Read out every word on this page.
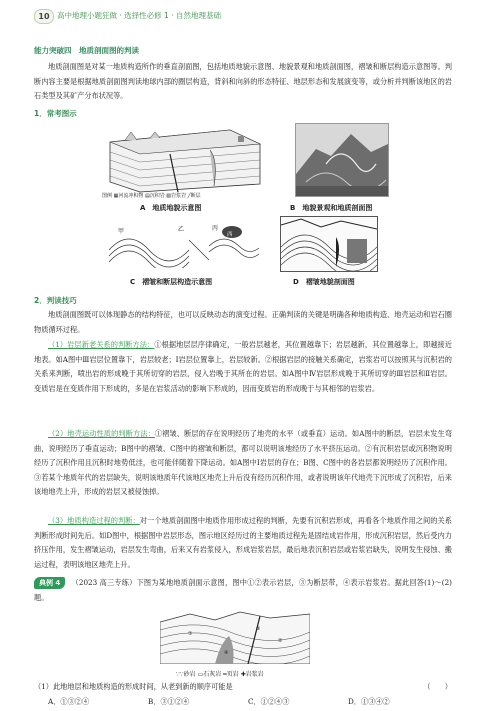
10 高中地理小题狂做 · 选择性必修 1 · 自然地理基础
能力突破四　地质剖面图的判读

地质剖面图是对某一地质构造所作的垂直剖面图，包括地质地貌示意图、地貌景观和地质剖面图，褶皱和断层构造示意图等。判断内容主要是根据地质剖面图判读地球内部的圈层构造，背斜和向斜的形态特征、地层形态和发展演变等，或分析并判断该地区的岩石类型及其矿产分布状况等。

1．常考图示
图例 ▦河流冲积物 ▤沉积岩 ▧岩浆岩 ╱断层
A　地质地貌示意图	B　地貌景观和地质剖面图
甲	乙	丙
西
C　褶皱和断层构造示意图	D　褶皱地貌剖面图
2．判读技巧

地质剖面图既可以体现静态的结构特征，也可以反映动态的演变过程。正确判读的关键是明确各种地质构造、地壳运动和岩石圈物质循环过程。

（1）岩层新老关系的判断方法：①根据地层层序律确定，一般岩层越老，其位置越靠下；岩层越新，其位置越靠上，即越接近地表。如A图中Ⅲ岩层位置靠下，岩层较老；Ⅰ岩层位置靠上，岩层较新。②根据岩层的接触关系确定，岩浆岩可以按照其与沉积岩的关系来判断，喷出岩的形成晚于其所切穿的岩层，侵入岩晚于其所在的岩层。如A图中Ⅳ岩层形成晚于其所切穿的Ⅲ岩层和Ⅱ岩层。变质岩是在变质作用下形成的，多是在岩浆活动的影响下形成的，因而变质岩的形成晚于与其相邻的岩浆岩。

（2）地壳运动性质的判断方法：①褶皱、断层的存在说明经历了地壳的水平（或垂直）运动。如A图中的断层，岩层未发生弯曲，说明经历了垂直运动；B图中的褶皱、C图中的褶皱和断层，都可以说明该地经历了水平挤压运动。②有沉积岩层或沉积物说明经历了沉积作用且沉积时地势低洼，也可能伴随着下降运动。如A图中Ⅰ岩层的存在；B图、C图中的各岩层都说明经历了沉积作用。③若某个地质年代的岩层缺失，说明该地质年代该地区地壳上升后没有经历沉积作用，或者说明该年代地壳下沉形成了沉积岩，后来该地地壳上升，形成的岩层又被侵蚀掉。

（3）地质构造过程的判断：对一个地质剖面图中地质作用形成过程的判断，先要有沉积岩形成，再看各个地质作用之间的关系判断形成时间先后。如D图中，根据图中岩层形态，图示地区经历过的主要地质过程先是固结成岩作用，形成沉积岩层，然后受内力挤压作用，发生褶皱运动，岩层发生弯曲，后来又有岩浆侵入，形成岩浆岩层，最后地表沉积岩层或岩浆岩缺失，说明发生侵蚀、搬运过程，表明该地区地壳上升。

典例 4 （2023 高三专练）下图为某地地质剖面示意图，图中①②表示岩层，③为断层带，④表示岩浆岩。据此回答(1)～(2)题。

①
②
③
④
∵∵砂岩 ▭石灰岩 ═页岩 ✚岩浆岩
（1）此地地层和地质构造的形成时间，从老到新的顺序可能是	（　　）
A．①③②④	B．③①②④	C．①②④③	D．①③④②
